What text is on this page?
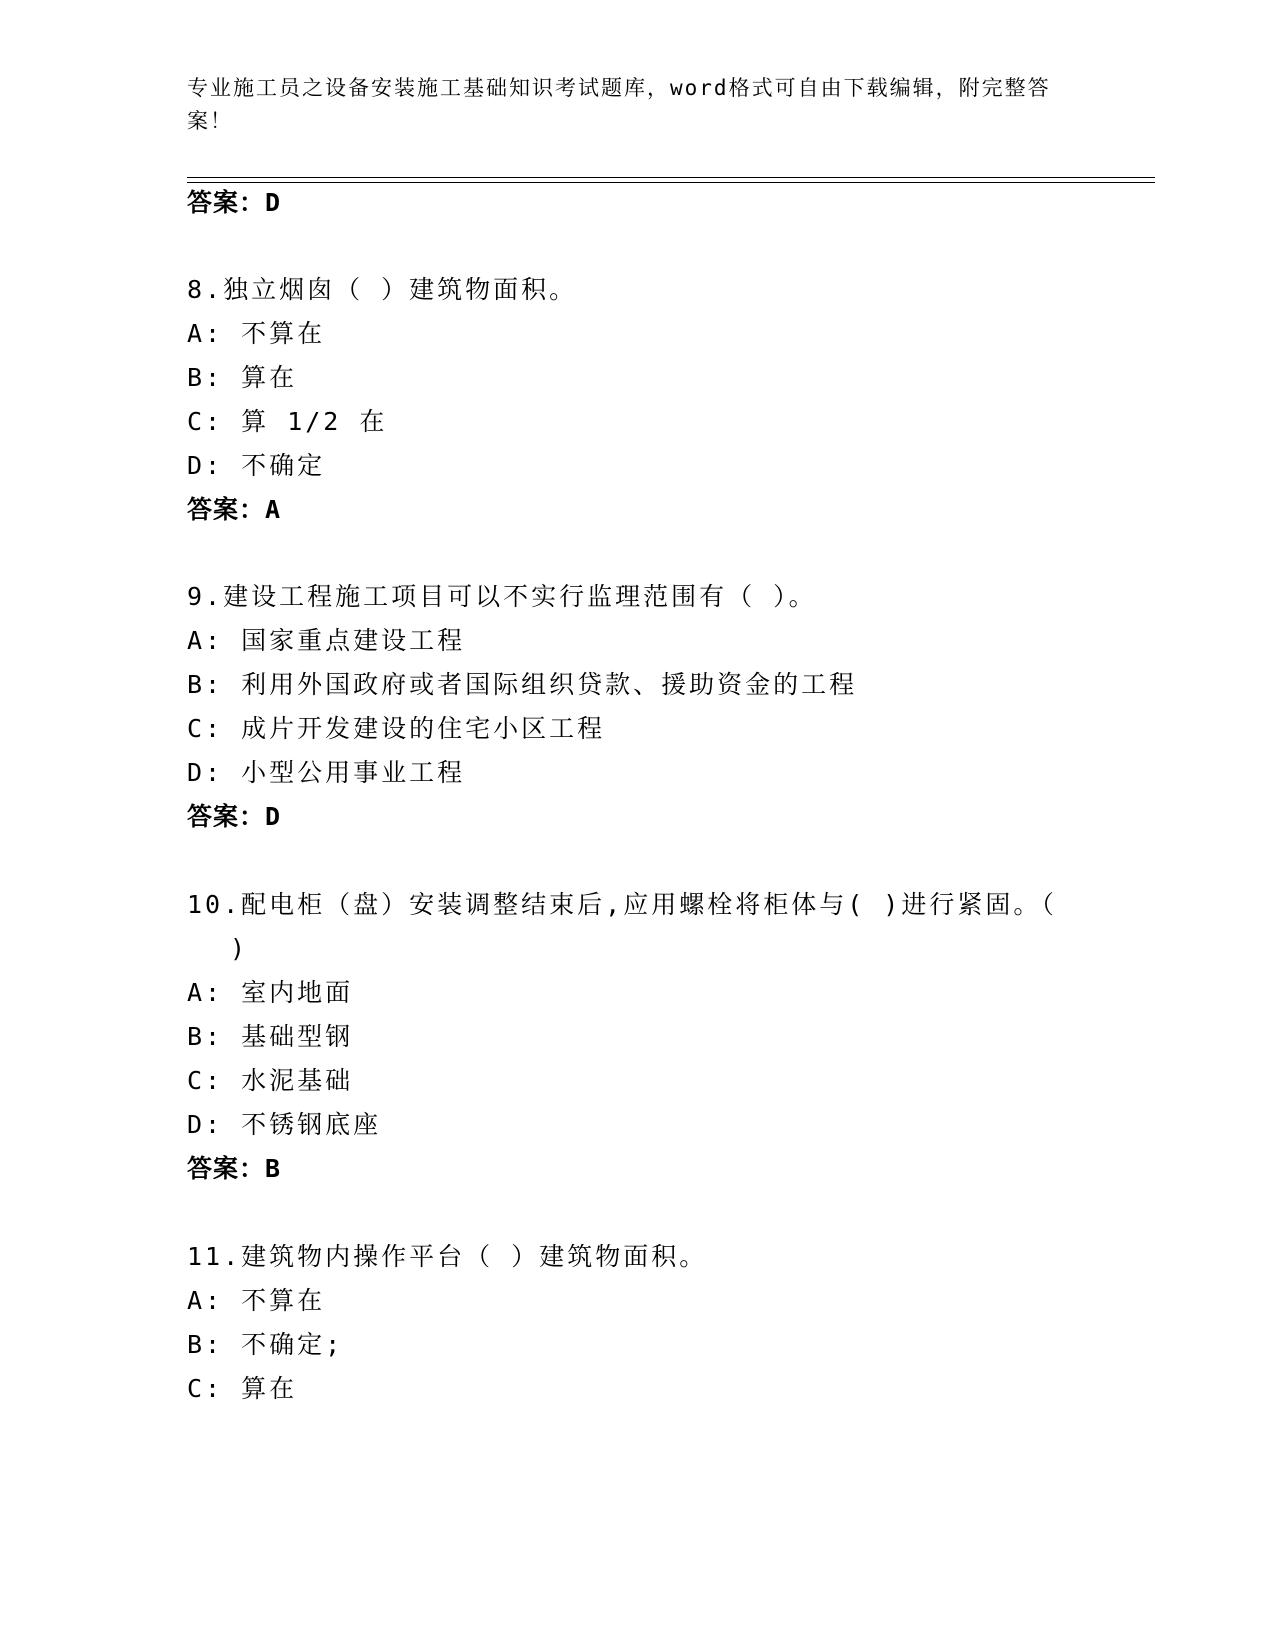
专业施工员之设备安装施工基础知识考试题库，word格式可自由下载编辑，附完整答案！
答案：D
8.独立烟囱（ ）建筑物面积。
A: 不算在
B: 算在
C: 算 1/2 在
D: 不确定
答案：A
9.建设工程施工项目可以不实行监理范围有（ ）。
A: 国家重点建设工程
B: 利用外国政府或者国际组织贷款、援助资金的工程
C: 成片开发建设的住宅小区工程
D: 小型公用事业工程
答案：D
10.配电柜（盘）安装调整结束后,应用螺栓将柜体与( )进行紧固。（
)
A: 室内地面
B: 基础型钢
C: 水泥基础
D: 不锈钢底座
答案：B
11.建筑物内操作平台（ ）建筑物面积。
A: 不算在
B: 不确定;
C: 算在
